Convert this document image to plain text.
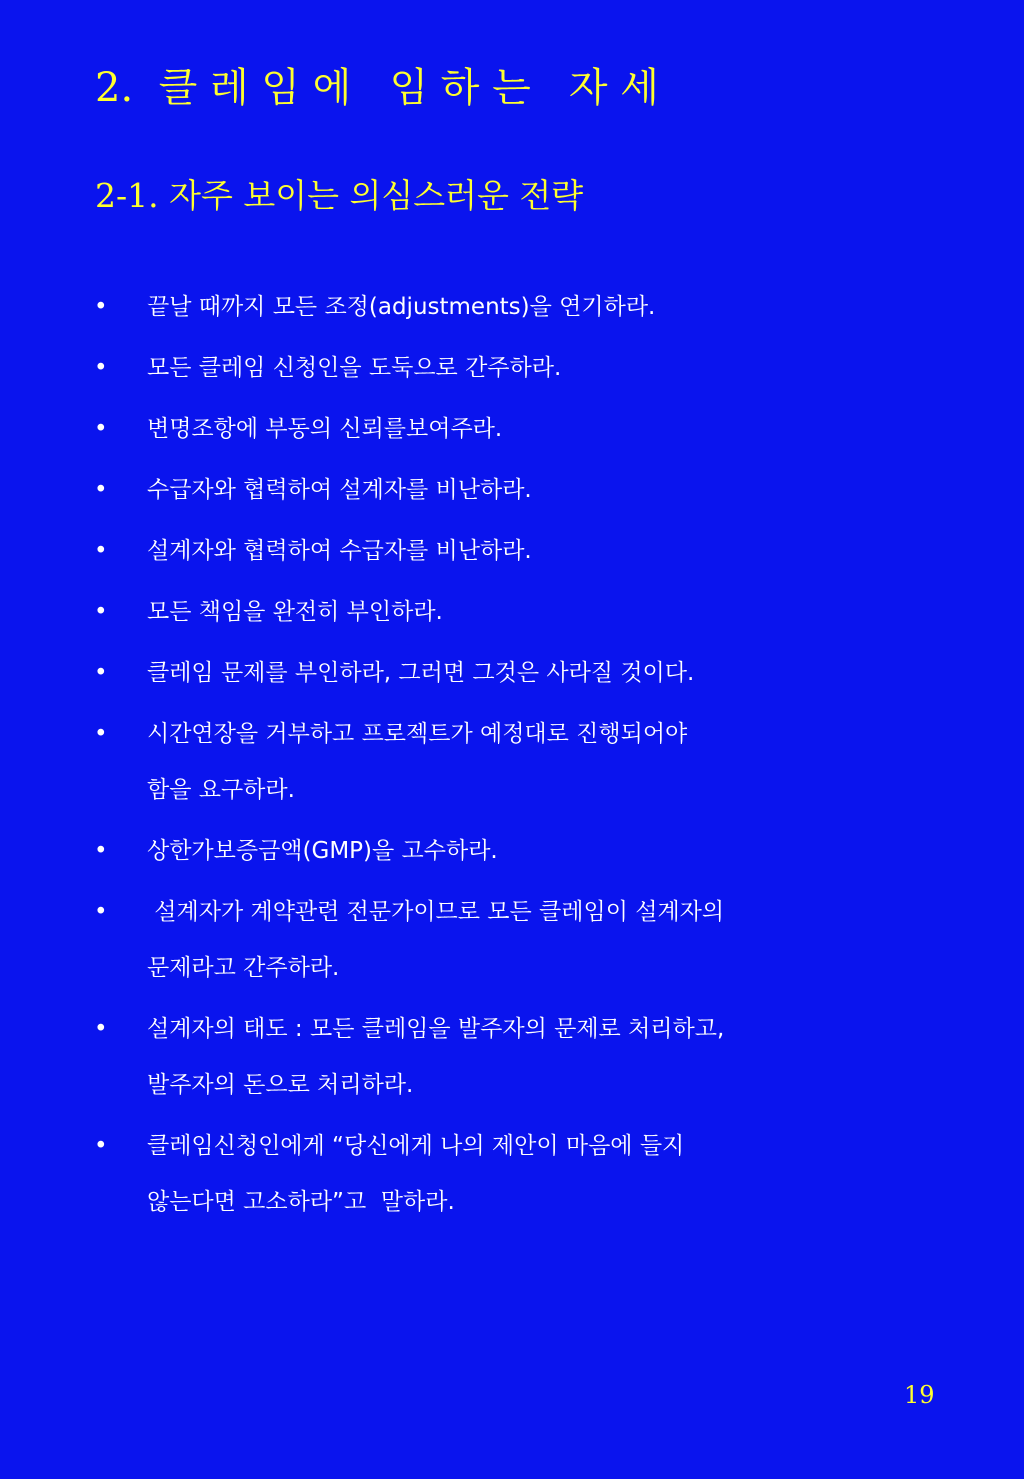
2.  클 레 임 에   임 하 는   자 세
2-1. 자주 보이는 의심스러운 전략
• 끝날 때까지 모든 조정(adjustments)을 연기하라.
• 모든 클레임 신청인을 도둑으로 간주하라.
• 변명조항에 부동의 신뢰를보여주라.
• 수급자와 협력하여 설계자를 비난하라.
• 설계자와 협력하여 수급자를 비난하라.
• 모든 책임을 완전히 부인하라.
• 클레임 문제를 부인하라, 그러면 그것은 사라질 것이다.
• 시간연장을 거부하고 프로젝트가 예정대로 진행되어야
함을 요구하라.
• 상한가보증금액(GMP)을 고수하라.
• 설계자가 계약관련 전문가이므로 모든 클레임이 설계자의
문제라고 간주하라.
• 설계자의 태도 : 모든 클레임을 발주자의 문제로 처리하고,
발주자의 돈으로 처리하라.
• 클레임신청인에게 “당신에게 나의 제안이 마음에 들지
않는다면 고소하라”고  말하라.
19
